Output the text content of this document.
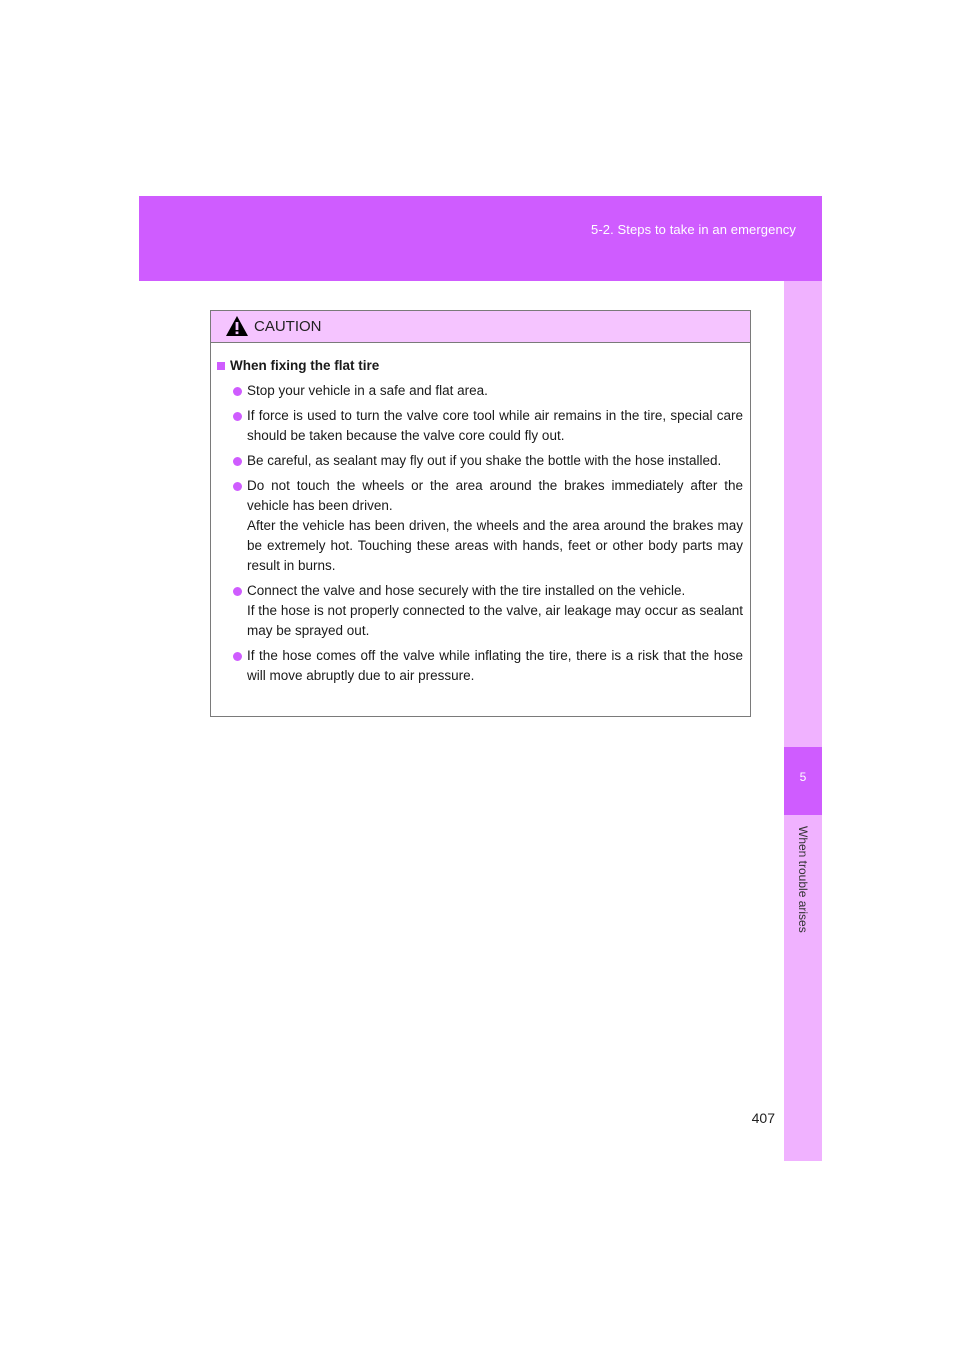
5-2. Steps to take in an emergency
5
When trouble arises
CAUTION
When fixing the flat tire
Stop your vehicle in a safe and flat area.
If force is used to turn the valve core tool while air remains in the tire, special care should be taken because the valve core could fly out.
Be careful, as sealant may fly out if you shake the bottle with the hose installed.
Do not touch the wheels or the area around the brakes immediately after the vehicle has been driven.
After the vehicle has been driven, the wheels and the area around the brakes may be extremely hot. Touching these areas with hands, feet or other body parts may result in burns.
Connect the valve and hose securely with the tire installed on the vehicle.
If the hose is not properly connected to the valve, air leakage may occur as sealant may be sprayed out.
If the hose comes off the valve while inflating the tire, there is a risk that the hose will move abruptly due to air pressure.
407
